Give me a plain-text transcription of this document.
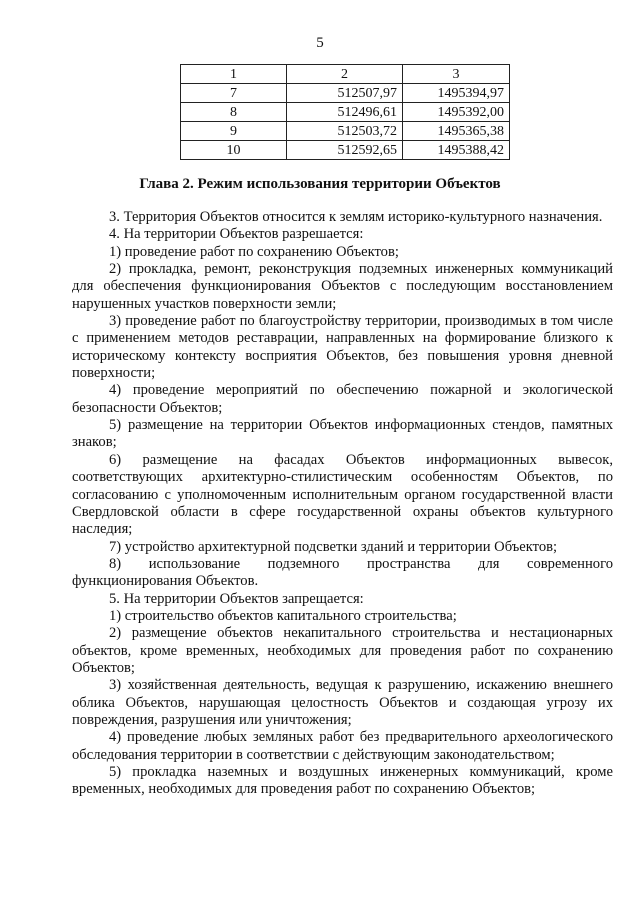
5
1	2	3
7	512507,97	1495394,97
8	512496,61	1495392,00
9	512503,72	1495365,38
10	512592,65	1495388,42
Глава 2. Режим использования территории Объектов

3. Территория Объектов относится к землям историко-культурного назначения.

4. На территории Объектов разрешается:

1) проведение работ по сохранению Объектов;

2) прокладка, ремонт, реконструкция подземных инженерных коммуникаций для обеспечения функционирования Объектов с последующим восстановлением нарушенных участков поверхности земли;

3) проведение работ по благоустройству территории, производимых в том числе с применением методов реставрации, направленных на формирование близкого к историческому контексту восприятия Объектов, без повышения уровня дневной поверхности;

4) проведение мероприятий по обеспечению пожарной и экологической безопасности Объектов;

5) размещение на территории Объектов информационных стендов, памятных знаков;

6) размещение на фасадах Объектов информационных вывесок, соответствующих архитектурно-стилистическим особенностям Объектов, по согласованию с уполномоченным исполнительным органом государственной власти Свердловской области в сфере государственной охраны объектов культурного наследия;

7) устройство архитектурной подсветки зданий и территории Объектов;

8) использование подземного пространства для современного функционирования Объектов.

5. На территории Объектов запрещается:

1) строительство объектов капитального строительства;

2) размещение объектов некапитального строительства и нестационарных объектов, кроме временных, необходимых для проведения работ по сохранению Объектов;

3) хозяйственная деятельность, ведущая к разрушению, искажению внешнего облика Объектов, нарушающая целостность Объектов и создающая угрозу их повреждения, разрушения или уничтожения;

4) проведение любых земляных работ без предварительного археологического обследования территории в соответствии с действующим законодательством;

5) прокладка наземных и воздушных инженерных коммуникаций, кроме временных, необходимых для проведения работ по сохранению Объектов;
